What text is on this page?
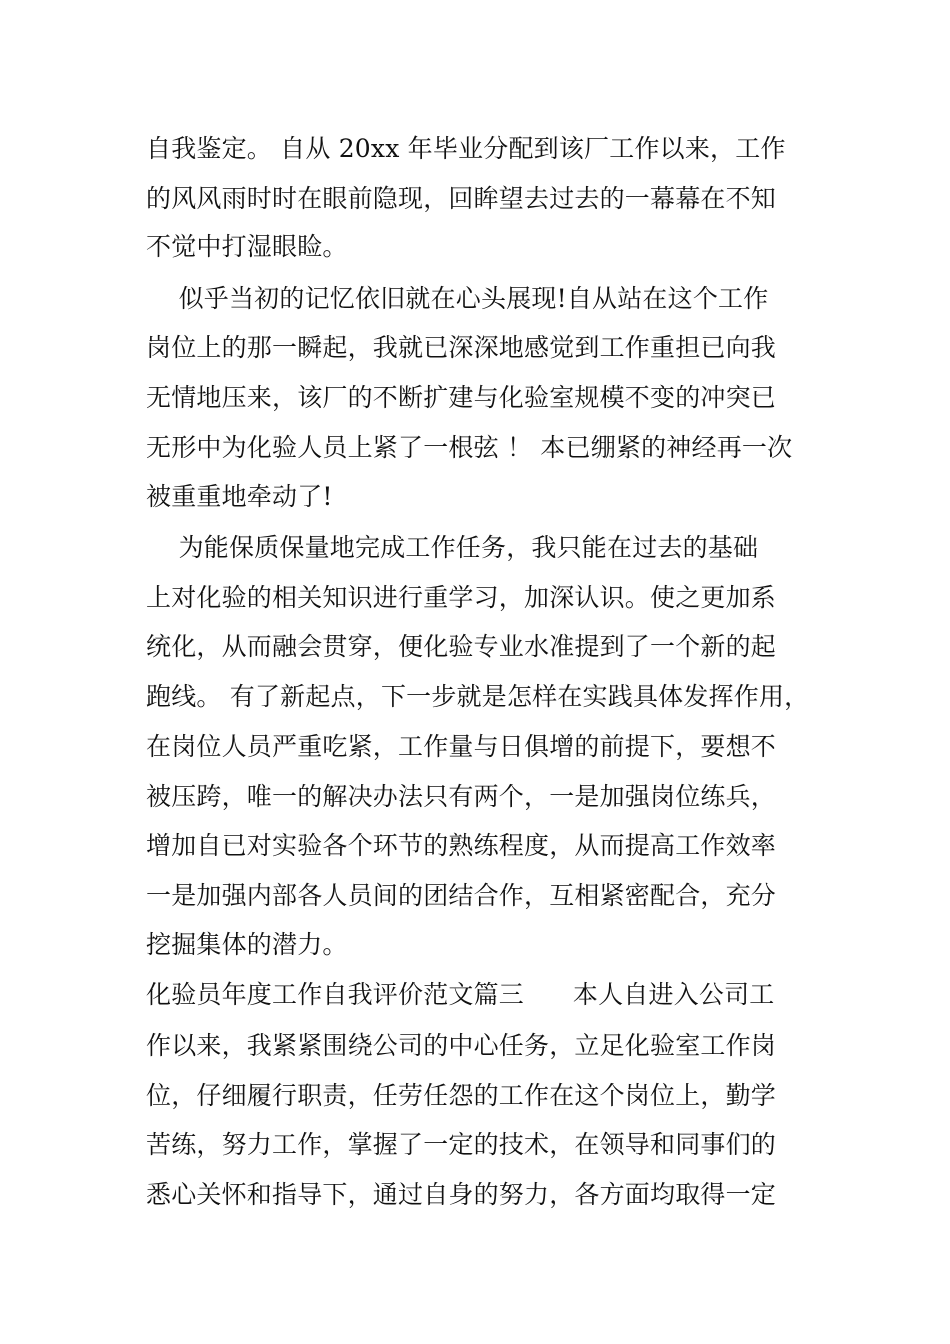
自我鉴定。 自从 20xx 年毕业分配到该厂工作以来，工作
的风风雨时时在眼前隐现，回眸望去过去的一幕幕在不知
不觉中打湿眼睑。
似乎当初的记忆依旧就在心头展现!自从站在这个工作
岗位上的那一瞬起，我就已深深地感觉到工作重担已向我
无情地压来，该厂的不断扩建与化验室规模不变的冲突已
无形中为化验人员上紧了一根弦 ！ 本已绷紧的神经再一次
被重重地牵动了!
为能保质保量地完成工作任务，我只能在过去的基础
上对化验的相关知识进行重学习，加深认识。使之更加系
统化，从而融会贯穿，便化验专业水准提到了一个新的起
跑线。 有了新起点，下一步就是怎样在实践具体发挥作用，
在岗位人员严重吃紧，工作量与日俱增的前提下，要想不
被压跨，唯一的解决办法只有两个，一是加强岗位练兵，
增加自已对实验各个环节的熟练程度，从而提高工作效率
一是加强内部各人员间的团结合作，互相紧密配合，充分
挖掘集体的潜力。
化验员年度工作自我评价范文篇三      本人自进入公司工
作以来，我紧紧围绕公司的中心任务，立足化验室工作岗
位，仔细履行职责，任劳任怨的工作在这个岗位上，勤学
苦练，努力工作，掌握了一定的技术，在领导和同事们的
悉心关怀和指导下，通过自身的努力，各方面均取得一定
